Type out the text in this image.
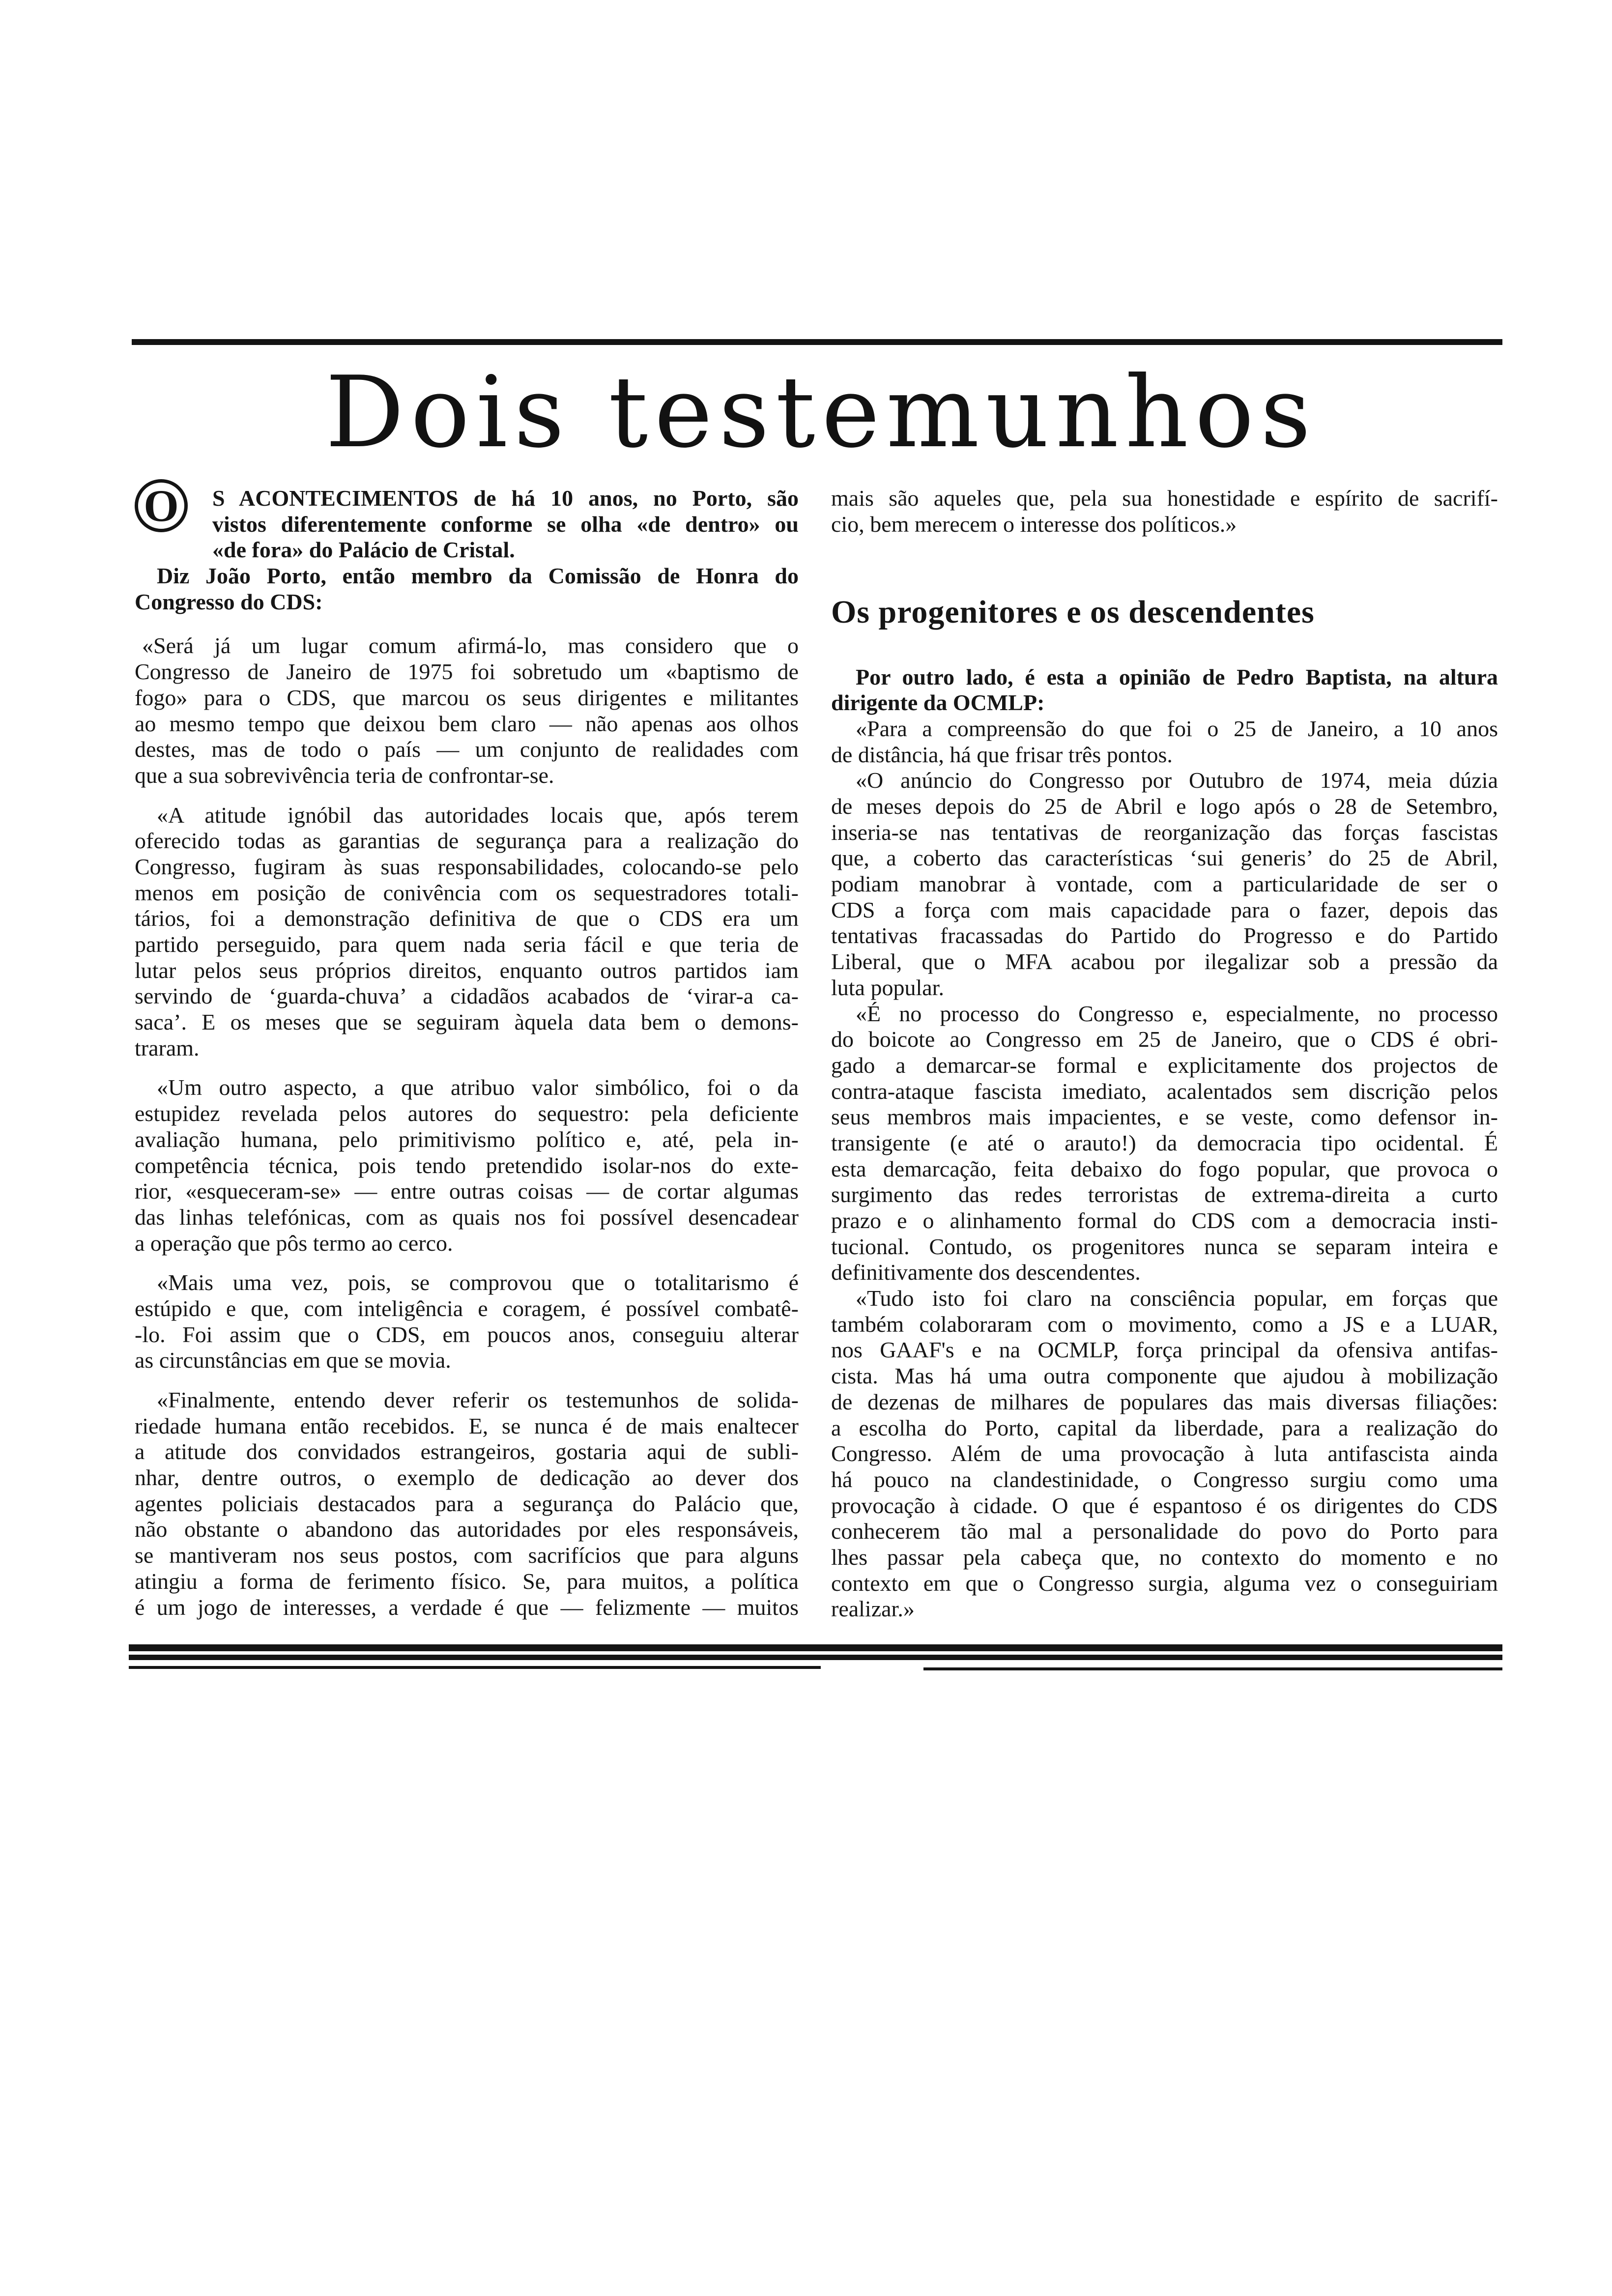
Dois testemunhos
O	S ACONTECIMENTOS de há 10 anos, no Porto, são
vistos diferentemente conforme se olha «de dentro» ou
«de fora» do Palácio de Cristal.
Diz João Porto, então membro da Comissão de Honra do
Congresso do CDS:
«Será já um lugar comum afirmá-lo, mas considero que o
Congresso de Janeiro de 1975 foi sobretudo um «baptismo de
fogo» para o CDS, que marcou os seus dirigentes e militantes
ao mesmo tempo que deixou bem claro — não apenas aos olhos
destes, mas de todo o país — um conjunto de realidades com
que a sua sobrevivência teria de confrontar-se.
«A atitude ignóbil das autoridades locais que, após terem
oferecido todas as garantias de segurança para a realização do
Congresso, fugiram às suas responsabilidades, colocando-se pelo
menos em posição de conivência com os sequestradores totali-
tários, foi a demonstração definitiva de que o CDS era um
partido perseguido, para quem nada seria fácil e que teria de
lutar pelos seus próprios direitos, enquanto outros partidos iam
servindo de ‘guarda-chuva’ a cidadãos acabados de ‘virar-a ca-
saca’. E os meses que se seguiram àquela data bem o demons-
traram.
«Um outro aspecto, a que atribuo valor simbólico, foi o da
estupidez revelada pelos autores do sequestro: pela deficiente
avaliação humana, pelo primitivismo político e, até, pela in-
competência técnica, pois tendo pretendido isolar-nos do exte-
rior, «esqueceram-se» — entre outras coisas — de cortar algumas
das linhas telefónicas, com as quais nos foi possível desencadear
a operação que pôs termo ao cerco.
«Mais uma vez, pois, se comprovou que o totalitarismo é
estúpido e que, com inteligência e coragem, é possível combatê-
-lo. Foi assim que o CDS, em poucos anos, conseguiu alterar
as circunstâncias em que se movia.
«Finalmente, entendo dever referir os testemunhos de solida-
riedade humana então recebidos. E, se nunca é de mais enaltecer
a atitude dos convidados estrangeiros, gostaria aqui de subli-
nhar, dentre outros, o exemplo de dedicação ao dever dos
agentes policiais destacados para a segurança do Palácio que,
não obstante o abandono das autoridades por eles responsáveis,
se mantiveram nos seus postos, com sacrifícios que para alguns
atingiu a forma de ferimento físico. Se, para muitos, a política
é um jogo de interesses, a verdade é que — felizmente — muitos
mais são aqueles que, pela sua honestidade e espírito de sacrifí-
cio, bem merecem o interesse dos políticos.»
Os progenitores e os descendentes
Por outro lado, é esta a opinião de Pedro Baptista, na altura
dirigente da OCMLP:
«Para a compreensão do que foi o 25 de Janeiro, a 10 anos
de distância, há que frisar três pontos.
«O anúncio do Congresso por Outubro de 1974, meia dúzia
de meses depois do 25 de Abril e logo após o 28 de Setembro,
inseria-se nas tentativas de reorganização das forças fascistas
que, a coberto das características ‘sui generis’ do 25 de Abril,
podiam manobrar à vontade, com a particularidade de ser o
CDS a força com mais capacidade para o fazer, depois das
tentativas fracassadas do Partido do Progresso e do Partido
Liberal, que o MFA acabou por ilegalizar sob a pressão da
luta popular.
«É no processo do Congresso e, especialmente, no processo
do boicote ao Congresso em 25 de Janeiro, que o CDS é obri-
gado a demarcar-se formal e explicitamente dos projectos de
contra-ataque fascista imediato, acalentados sem discrição pelos
seus membros mais impacientes, e se veste, como defensor in-
transigente (e até o arauto!) da democracia tipo ocidental. É
esta demarcação, feita debaixo do fogo popular, que provoca o
surgimento das redes terroristas de extrema-direita a curto
prazo e o alinhamento formal do CDS com a democracia insti-
tucional. Contudo, os progenitores nunca se separam inteira e
definitivamente dos descendentes.
«Tudo isto foi claro na consciência popular, em forças que
também colaboraram com o movimento, como a JS e a LUAR,
nos GAAF's e na OCMLP, força principal da ofensiva antifas-
cista. Mas há uma outra componente que ajudou à mobilização
de dezenas de milhares de populares das mais diversas filiações:
a escolha do Porto, capital da liberdade, para a realização do
Congresso. Além de uma provocação à luta antifascista ainda
há pouco na clandestinidade, o Congresso surgiu como uma
provocação à cidade. O que é espantoso é os dirigentes do CDS
conhecerem tão mal a personalidade do povo do Porto para
lhes passar pela cabeça que, no contexto do momento e no
contexto em que o Congresso surgia, alguma vez o conseguiriam
realizar.»
